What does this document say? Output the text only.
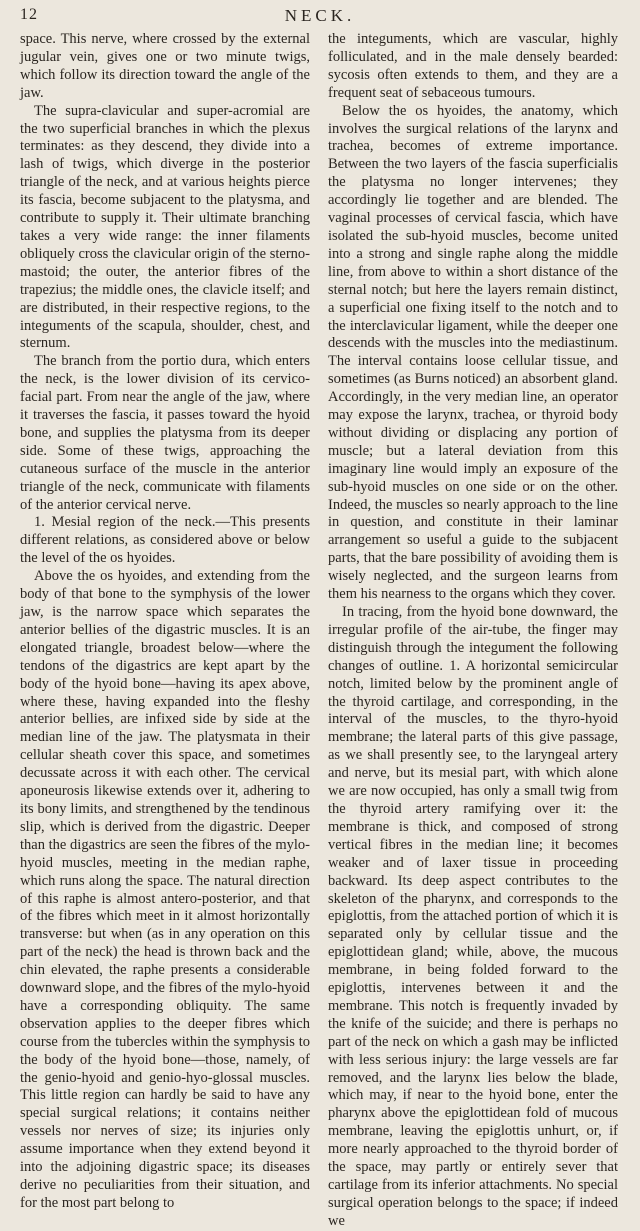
12	NECK.

space. This nerve, where crossed by the external jugular vein, gives one or two minute twigs, which follow its direction toward the angle of the jaw.

The supra-clavicular and super-acromial are the two superficial branches in which the plexus terminates: as they descend, they divide into a lash of twigs, which diverge in the posterior triangle of the neck, and at various heights pierce its fascia, become subjacent to the platysma, and contribute to supply it. Their ultimate branching takes a very wide range: the inner filaments obliquely cross the clavicular origin of the sterno-mastoid; the outer, the anterior fibres of the trapezius; the middle ones, the clavicle itself; and are distributed, in their respective regions, to the integuments of the scapula, shoulder, chest, and sternum.

The branch from the portio dura, which enters the neck, is the lower division of its cervico-facial part. From near the angle of the jaw, where it traverses the fascia, it passes toward the hyoid bone, and supplies the platysma from its deeper side. Some of these twigs, approaching the cutaneous surface of the muscle in the anterior triangle of the neck, communicate with filaments of the anterior cervical nerve.

1. Mesial region of the neck.—This presents different relations, as considered above or below the level of the os hyoides.

Above the os hyoides, and extending from the body of that bone to the symphysis of the lower jaw, is the narrow space which separates the anterior bellies of the digastric muscles. It is an elongated triangle, broadest below—where the tendons of the digastrics are kept apart by the body of the hyoid bone—having its apex above, where these, having expanded into the fleshy anterior bellies, are infixed side by side at the median line of the jaw. The platysmata in their cellular sheath cover this space, and sometimes decussate across it with each other. The cervical aponeurosis likewise extends over it, adhering to its bony limits, and strengthened by the tendinous slip, which is derived from the digastric. Deeper than the digastrics are seen the fibres of the mylo-hyoid muscles, meeting in the median raphe, which runs along the space. The natural direction of this raphe is almost antero-posterior, and that of the fibres which meet in it almost horizontally transverse: but when (as in any operation on this part of the neck) the head is thrown back and the chin elevated, the raphe presents a considerable downward slope, and the fibres of the mylo-hyoid have a corresponding obliquity. The same observation applies to the deeper fibres which course from the tubercles within the symphysis to the body of the hyoid bone—those, namely, of the genio-hyoid and genio-hyo-glossal muscles. This little region can hardly be said to have any special surgical relations; it contains neither vessels nor nerves of size; its injuries only assume importance when they extend beyond it into the adjoining digastric space; its diseases derive no peculiarities from their situation, and for the most part belong to

the integuments, which are vascular, highly folliculated, and in the male densely bearded: sycosis often extends to them, and they are a frequent seat of sebaceous tumours.

Below the os hyoides, the anatomy, which involves the surgical relations of the larynx and trachea, becomes of extreme importance. Between the two layers of the fascia superficialis the platysma no longer intervenes; they accordingly lie together and are blended. The vaginal processes of cervical fascia, which have isolated the sub-hyoid muscles, become united into a strong and single raphe along the middle line, from above to within a short distance of the sternal notch; but here the layers remain distinct, a superficial one fixing itself to the notch and to the interclavicular ligament, while the deeper one descends with the muscles into the mediastinum. The interval contains loose cellular tissue, and sometimes (as Burns noticed) an absorbent gland. Accordingly, in the very median line, an operator may expose the larynx, trachea, or thyroid body without dividing or displacing any portion of muscle; but a lateral deviation from this imaginary line would imply an exposure of the sub-hyoid muscles on one side or on the other. Indeed, the muscles so nearly approach to the line in question, and constitute in their laminar arrangement so useful a guide to the subjacent parts, that the bare possibility of avoiding them is wisely neglected, and the surgeon learns from them his nearness to the organs which they cover.

In tracing, from the hyoid bone downward, the irregular profile of the air-tube, the finger may distinguish through the integument the following changes of outline. 1. A horizontal semicircular notch, limited below by the prominent angle of the thyroid cartilage, and corresponding, in the interval of the muscles, to the thyro-hyoid membrane; the lateral parts of this give passage, as we shall presently see, to the laryngeal artery and nerve, but its mesial part, with which alone we are now occupied, has only a small twig from the thyroid artery ramifying over it: the membrane is thick, and composed of strong vertical fibres in the median line; it becomes weaker and of laxer tissue in proceeding backward. Its deep aspect contributes to the skeleton of the pharynx, and corresponds to the epiglottis, from the attached portion of which it is separated only by cellular tissue and the epiglottidean gland; while, above, the mucous membrane, in being folded forward to the epiglottis, intervenes between it and the membrane. This notch is frequently invaded by the knife of the suicide; and there is perhaps no part of the neck on which a gash may be inflicted with less serious injury: the large vessels are far removed, and the larynx lies below the blade, which may, if near to the hyoid bone, enter the pharynx above the epiglottidean fold of mucous membrane, leaving the epiglottis unhurt, or, if more nearly approached to the thyroid border of the space, may partly or entirely sever that cartilage from its inferior attachments. No special surgical operation belongs to the space; if indeed we
